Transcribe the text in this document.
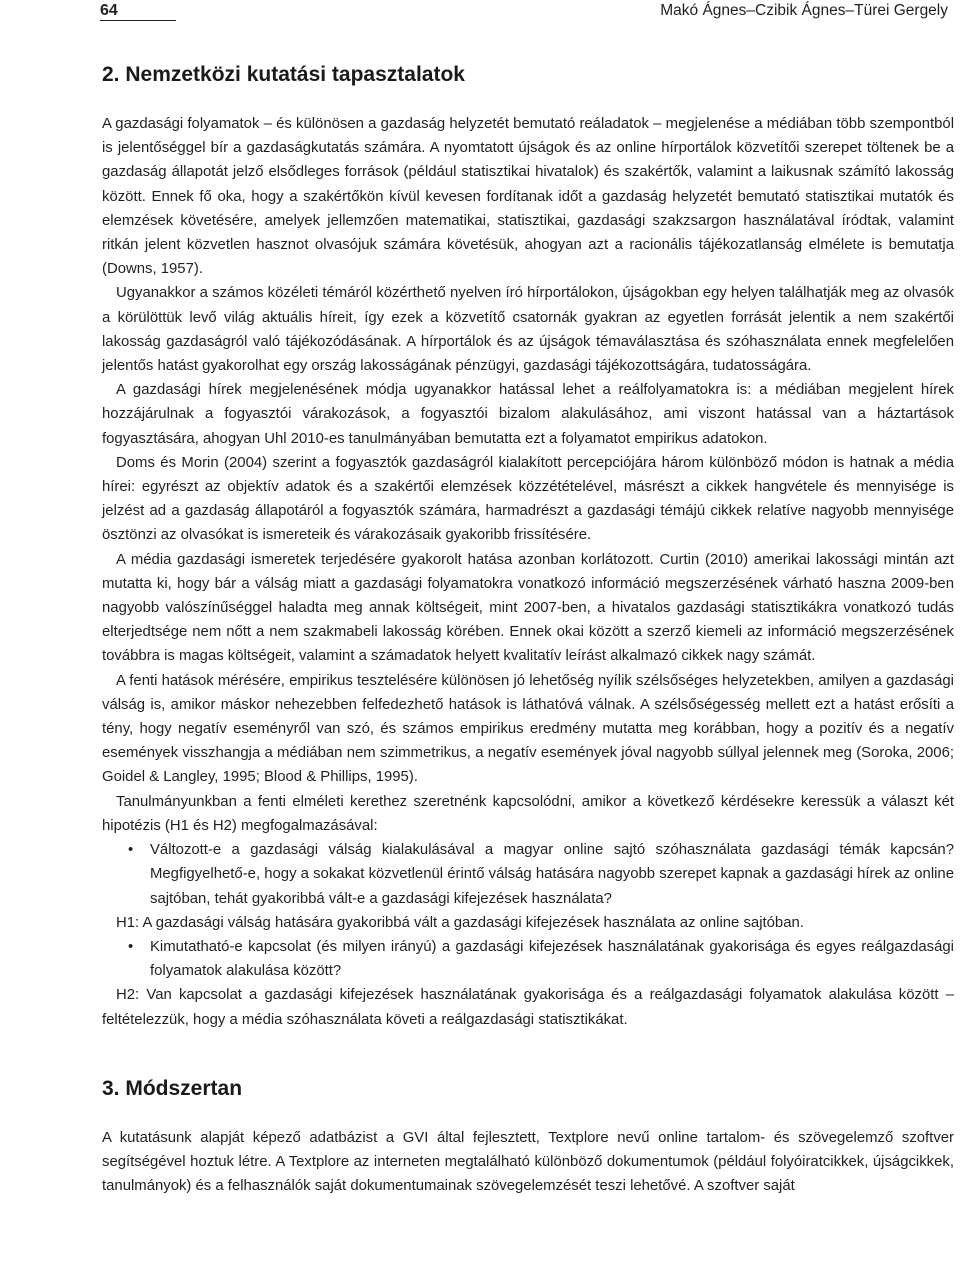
64	Makó Ágnes–Czibik Ágnes–Türei Gergely
2. Nemzetközi kutatási tapasztalatok

A gazdasági folyamatok – és különösen a gazdaság helyzetét bemutató reáladatok – megjelenése a médiában több szempontból is jelentőséggel bír a gazdaságkutatás számára. A nyomtatott újságok és az online hírportálok közvetítői szerepet töltenek be a gazdaság állapotát jelző elsődleges források (például statisztikai hivatalok) és szakértők, valamint a laikusnak számító lakosság között. Ennek fő oka, hogy a szakértőkön kívül kevesen fordítanak időt a gazdaság helyzetét bemutató statisztikai mutatók és elemzések követésére, amelyek jellemzően matematikai, statisztikai, gazdasági szakzsargon használatával íródtak, valamint ritkán jelent közvetlen hasznot olvasójuk számára követésük, ahogyan azt a racionális tájékozatlanság elmélete is bemutatja (Downs, 1957).

Ugyanakkor a számos közéleti témáról közérthető nyelven író hírportálokon, újságokban egy helyen találhatják meg az olvasók a körülöttük levő világ aktuális híreit, így ezek a közvetítő csatornák gyakran az egyetlen forrását jelentik a nem szakértői lakosság gazdaságról való tájékozódásának. A hírportálok és az újságok témaválasztása és szóhasználata ennek megfelelően jelentős hatást gyakorolhat egy ország lakosságának pénzügyi, gazdasági tájékozottságára, tudatosságára.

A gazdasági hírek megjelenésének módja ugyanakkor hatással lehet a reálfolyamatokra is: a médiában megjelent hírek hozzájárulnak a fogyasztói várakozások, a fogyasztói bizalom alakulásához, ami viszont hatással van a háztartások fogyasztására, ahogyan Uhl 2010-es tanulmányában bemutatta ezt a folyamatot empirikus adatokon.

Doms és Morin (2004) szerint a fogyasztók gazdaságról kialakított percepciójára három különböző módon is hatnak a média hírei: egyrészt az objektív adatok és a szakértői elemzések közzétételével, másrészt a cikkek hangvétele és mennyisége is jelzést ad a gazdaság állapotáról a fogyasztók számára, harmadrészt a gazdasági témájú cikkek relatíve nagyobb mennyisége ösztönzi az olvasókat is ismereteik és várakozásaik gyakoribb frissítésére.

A média gazdasági ismeretek terjedésére gyakorolt hatása azonban korlátozott. Curtin (2010) amerikai lakossági mintán azt mutatta ki, hogy bár a válság miatt a gazdasági folyamatokra vonatkozó információ megszerzésének várható haszna 2009-ben nagyobb valószínűséggel haladta meg annak költségeit, mint 2007-ben, a hivatalos gazdasági statisztikákra vonatkozó tudás elterjedtsége nem nőtt a nem szakmabeli lakosság körében. Ennek okai között a szerző kiemeli az információ megszerzésének továbbra is magas költségeit, valamint a számadatok helyett kvalitatív leírást alkalmazó cikkek nagy számát.

A fenti hatások mérésére, empirikus tesztelésére különösen jó lehetőség nyílik szélsőséges helyzetekben, amilyen a gazdasági válság is, amikor máskor nehezebben felfedezhető hatások is láthatóvá válnak. A szélsőségesség mellett ezt a hatást erősíti a tény, hogy negatív eseményről van szó, és számos empirikus eredmény mutatta meg korábban, hogy a pozitív és a negatív események visszhangja a médiában nem szimmetrikus, a negatív események jóval nagyobb súllyal jelennek meg (Soroka, 2006; Goidel & Langley, 1995; Blood & Phillips, 1995).

Tanulmányunkban a fenti elméleti kerethez szeretnénk kapcsolódni, amikor a következő kérdésekre keressük a választ két hipotézis (H1 és H2) megfogalmazásával:

• Változott-e a gazdasági válság kialakulásával a magyar online sajtó szóhasználata gazdasági témák kapcsán? Megfigyelhető-e, hogy a sokakat közvetlenül érintő válság hatására nagyobb szerepet kapnak a gazdasági hírek az online sajtóban, tehát gyakoribbá vált-e a gazdasági kifejezések használata?

H1: A gazdasági válság hatására gyakoribbá vált a gazdasági kifejezések használata az online sajtóban.

• Kimutatható-e kapcsolat (és milyen irányú) a gazdasági kifejezések használatának gyakorisága és egyes reálgazdasági folyamatok alakulása között?

H2: Van kapcsolat a gazdasági kifejezések használatának gyakorisága és a reálgazdasági folyamatok alakulása között – feltételezzük, hogy a média szóhasználata követi a reálgazdasági statisztikákat.

3. Módszertan

A kutatásunk alapját képező adatbázist a GVI által fejlesztett, Textplore nevű online tartalom- és szövegelemző szoftver segítségével hoztuk létre. A Textplore az interneten megtalálható különböző dokumentumok (például folyóiratcikkek, újságcikkek, tanulmányok) és a felhasználók saját dokumentumainak szövegelemzését teszi lehetővé. A szoftver saját
